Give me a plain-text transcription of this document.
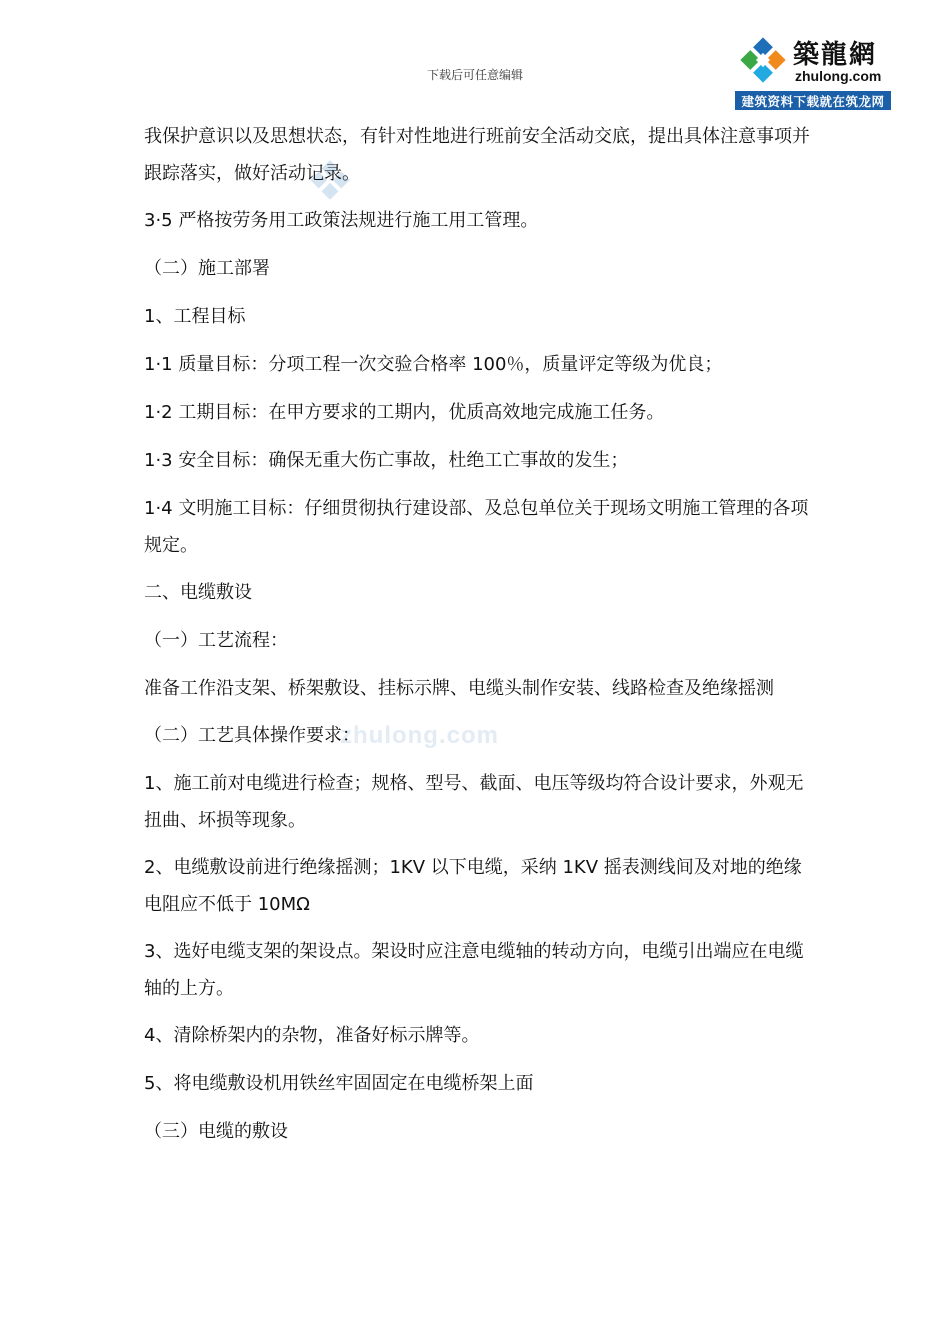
下载后可任意编辑
築龍網
zhulong.com
建筑资料下载就在筑龙网
zhulong.com

我保护意识以及思想状态，有针对性地进行班前安全活动交底，提出具体注意事项并跟踪落实，做好活动记录。

3·5 严格按劳务用工政策法规进行施工用工管理。

（二）施工部署

1、工程目标

1·1 质量目标：分项工程一次交验合格率 100％，质量评定等级为优良；

1·2 工期目标：在甲方要求的工期内，优质高效地完成施工任务。

1·3 安全目标：确保无重大伤亡事故，杜绝工亡事故的发生；

1·4 文明施工目标：仔细贯彻执行建设部、及总包单位关于现场文明施工管理的各项规定。

二、电缆敷设

（一）工艺流程：

准备工作沿支架、桥架敷设、挂标示牌、电缆头制作安装、线路检查及绝缘摇测

（二）工艺具体操作要求：

1、施工前对电缆进行检查；规格、型号、截面、电压等级均符合设计要求，外观无扭曲、坏损等现象。

2、电缆敷设前进行绝缘摇测；1KV 以下电缆，采纳 1KV 摇表测线间及对地的绝缘电阻应不低于 10MΩ

3、选好电缆支架的架设点。架设时应注意电缆轴的转动方向，电缆引出端应在电缆轴的上方。

4、清除桥架内的杂物，准备好标示牌等。

5、将电缆敷设机用铁丝牢固固定在电缆桥架上面

（三）电缆的敷设
